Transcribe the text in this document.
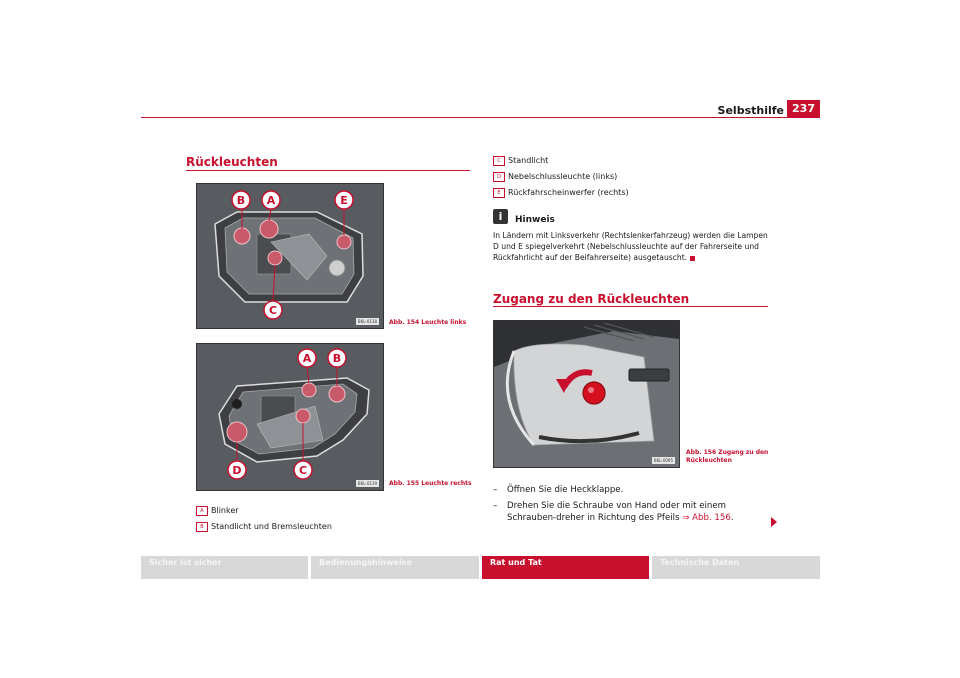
Selbsthilfe 237
Rückleuchten
B A	E
C
B6L-0138	Abb. 154 Leuchte links
A B
D	C
B6L-0139	Abb. 155 Leuchte rechts
A Blinker
B Standlicht und Bremsleuchten
C Standlicht
D Nebelschlussleuchte (links)
E Rückfahrscheinwerfer (rechts)
i	Hinweis
In Ländern mit Linksverkehr (Rechtslenkerfahrzeug) werden die Lampen D und E spiegelverkehrt (Nebelschlussleuchte auf der Fahrerseite und Rückfahrlicht auf der Beifahrerseite) ausgetauscht.
Zugang zu den Rückleuchten
B6L-0095
Abb. 156 Zugang zu den
Rückleuchten
–	Öffnen Sie die Heckklappe.
–	Drehen Sie die Schraube von Hand oder mit einem Schrauben-dreher in Richtung des Pfeils ⇒ Abb. 156.
Sicher ist sicher	Bedienungshinweise	Rat und Tat	Technische Daten
